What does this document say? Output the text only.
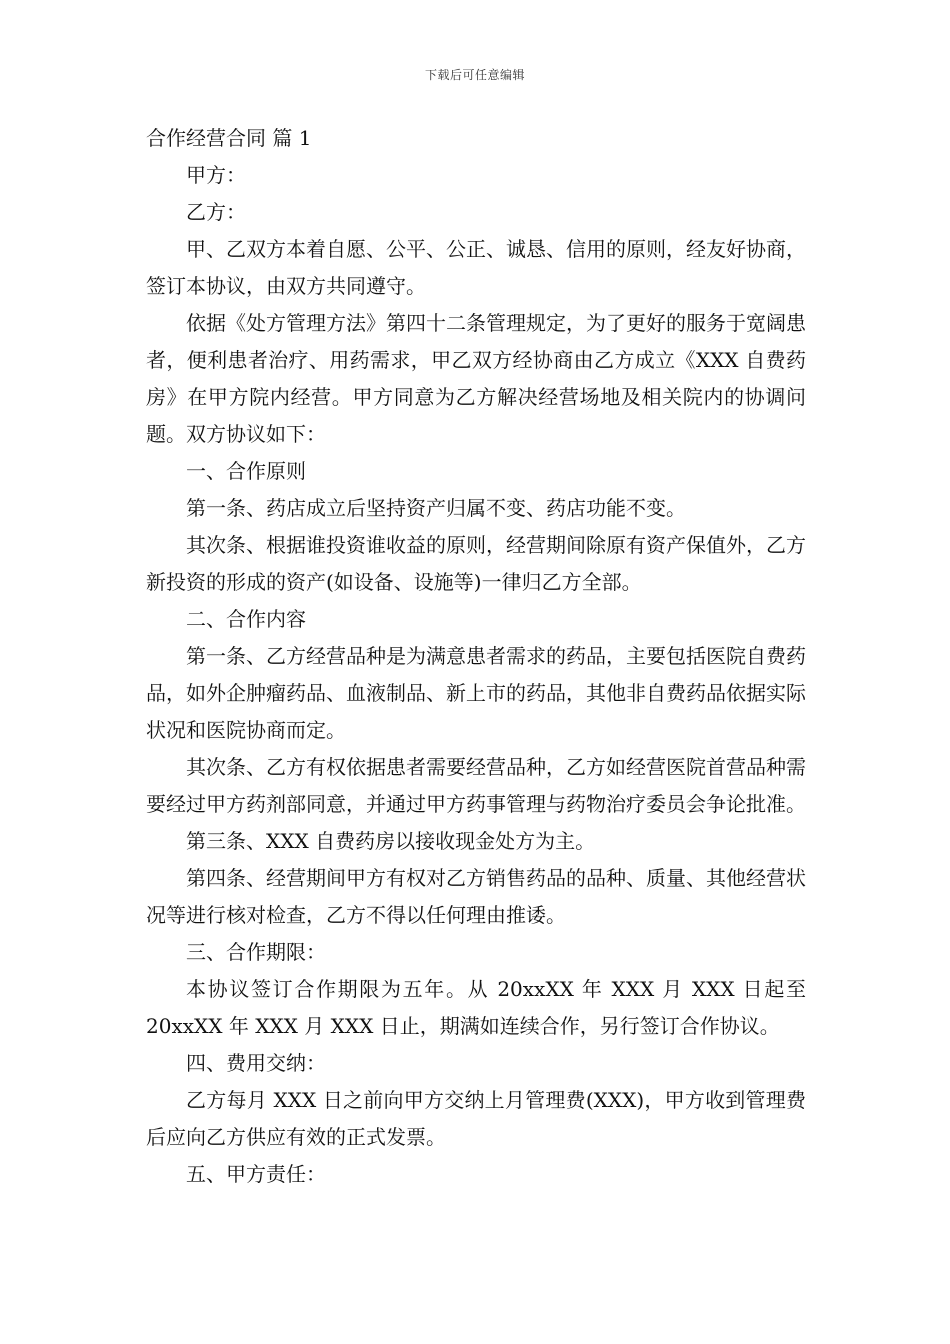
下载后可任意编辑

合作经营合同 篇 1

甲方：

乙方：

甲、乙双方本着自愿、公平、公正、诚恳、信用的原则，经友好协商，签订本协议，由双方共同遵守。

依据《处方管理方法》第四十二条管理规定，为了更好的服务于宽阔患者，便利患者治疗、用药需求，甲乙双方经协商由乙方成立《XXX 自费药房》在甲方院内经营。甲方同意为乙方解决经营场地及相关院内的协调问题。双方协议如下：

一、合作原则

第一条、药店成立后坚持资产归属不变、药店功能不变。

其次条、根据谁投资谁收益的原则，经营期间除原有资产保值外，乙方新投资的形成的资产(如设备、设施等)一律归乙方全部。

二、合作内容

第一条、乙方经营品种是为满意患者需求的药品，主要包括医院自费药品，如外企肿瘤药品、血液制品、新上市的药品，其他非自费药品依据实际状况和医院协商而定。

其次条、乙方有权依据患者需要经营品种，乙方如经营医院首营品种需要经过甲方药剂部同意，并通过甲方药事管理与药物治疗委员会争论批准。

第三条、XXX 自费药房以接收现金处方为主。

第四条、经营期间甲方有权对乙方销售药品的品种、质量、其他经营状况等进行核对检查，乙方不得以任何理由推诿。

三、合作期限：

本协议签订合作期限为五年。从 20xxXX 年 XXX 月 XXX 日起至 20xxXX 年 XXX 月 XXX 日止，期满如连续合作，另行签订合作协议。

四、费用交纳：

乙方每月 XXX 日之前向甲方交纳上月管理费(XXX)，甲方收到管理费后应向乙方供应有效的正式发票。

五、甲方责任：
